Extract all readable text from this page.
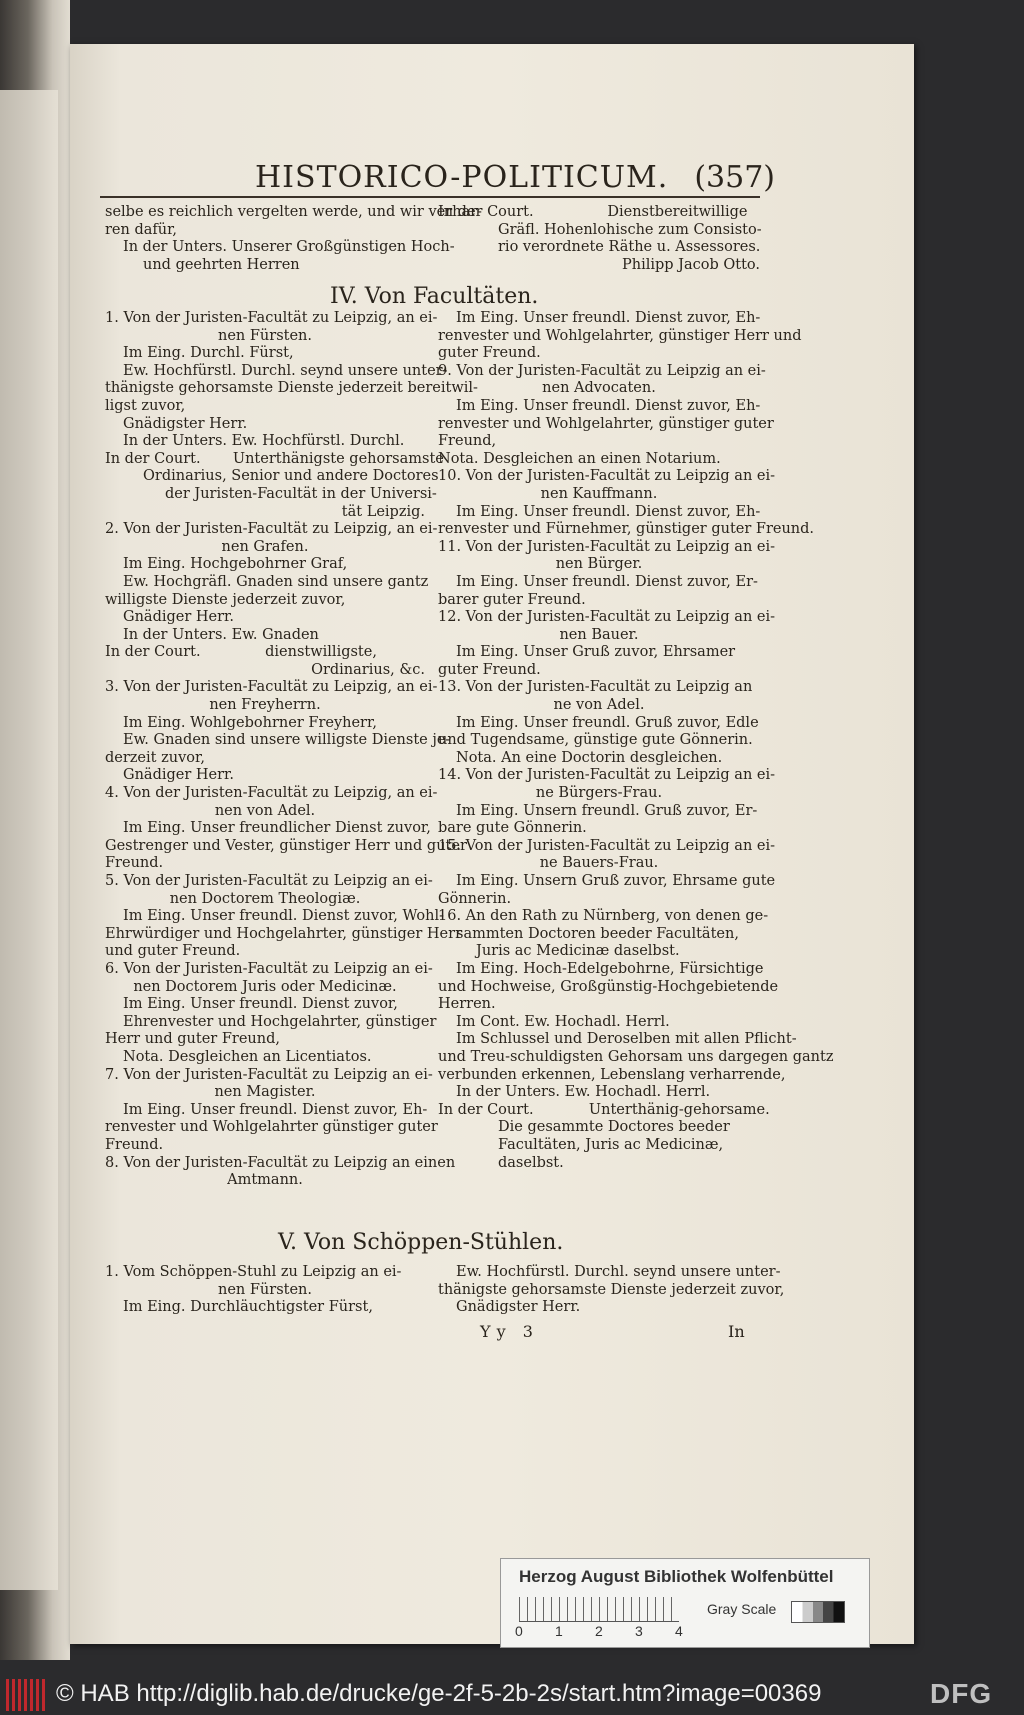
HISTORICO-POLITICUM. (357)
selbe es reichlich vergelten werde, und wir verhar-
ren dafür,
In der Unters. Unserer Großgünstigen Hoch-
und geehrten Herren
In der Court.                Dienstbereitwillige
Gräfl. Hohenlohische zum Consisto-
rio verordnete Räthe u. Assessores.
Philipp Jacob Otto.
IV. Von Facultäten.
1. Von der Juristen-Facultät zu Leipzig, an ei-
nen Fürsten.
Im Eing. Durchl. Fürst,
Ew. Hochfürstl. Durchl. seynd unsere unter-
thänigste gehorsamste Dienste jederzeit bereitwil-
ligst zuvor,
Gnädigster Herr.
In der Unters. Ew. Hochfürstl. Durchl.
In der Court.       Unterthänigste gehorsamste
Ordinarius, Senior und andere Doctores
der Juristen-Facultät in der Universi-
tät Leipzig.
2. Von der Juristen-Facultät zu Leipzig, an ei-
nen Grafen.
Im Eing. Hochgebohrner Graf,
Ew. Hochgräfl. Gnaden sind unsere gantz
willigste Dienste jederzeit zuvor,
Gnädiger Herr.
In der Unters. Ew. Gnaden
In der Court.              dienstwilligste,
Ordinarius, &c.
3. Von der Juristen-Facultät zu Leipzig, an ei-
nen Freyherrn.
Im Eing. Wohlgebohrner Freyherr,
Ew. Gnaden sind unsere willigste Dienste je-
derzeit zuvor,
Gnädiger Herr.
4. Von der Juristen-Facultät zu Leipzig, an ei-
nen von Adel.
Im Eing. Unser freundlicher Dienst zuvor,
Gestrenger und Vester, günstiger Herr und guter
Freund.
5. Von der Juristen-Facultät zu Leipzig an ei-
nen Doctorem Theologiæ.
Im Eing. Unser freundl. Dienst zuvor, Wohl-
Ehrwürdiger und Hochgelahrter, günstiger Herr
und guter Freund.
6. Von der Juristen-Facultät zu Leipzig an ei-
nen Doctorem Juris oder Medicinæ.
Im Eing. Unser freundl. Dienst zuvor,
Ehrenvester und Hochgelahrter, günstiger
Herr und guter Freund,
Nota. Desgleichen an Licentiatos.
7. Von der Juristen-Facultät zu Leipzig an ei-
nen Magister.
Im Eing. Unser freundl. Dienst zuvor, Eh-
renvester und Wohlgelahrter günstiger guter
Freund.
8. Von der Juristen-Facultät zu Leipzig an einen
Amtmann.
Im Eing. Unser freundl. Dienst zuvor, Eh-
renvester und Wohlgelahrter, günstiger Herr und
guter Freund.
9. Von der Juristen-Facultät zu Leipzig an ei-
nen Advocaten.
Im Eing. Unser freundl. Dienst zuvor, Eh-
renvester und Wohlgelahrter, günstiger guter
Freund,
Nota. Desgleichen an einen Notarium.
10. Von der Juristen-Facultät zu Leipzig an ei-
nen Kauffmann.
Im Eing. Unser freundl. Dienst zuvor, Eh-
renvester und Fürnehmer, günstiger guter Freund.
11. Von der Juristen-Facultät zu Leipzig an ei-
nen Bürger.
Im Eing. Unser freundl. Dienst zuvor, Er-
barer guter Freund.
12. Von der Juristen-Facultät zu Leipzig an ei-
nen Bauer.
Im Eing. Unser Gruß zuvor, Ehrsamer
guter Freund.
13. Von der Juristen-Facultät zu Leipzig an
ne von Adel.
Im Eing. Unser freundl. Gruß zuvor, Edle
und Tugendsame, günstige gute Gönnerin.
Nota. An eine Doctorin desgleichen.
14. Von der Juristen-Facultät zu Leipzig an ei-
ne Bürgers-Frau.
Im Eing. Unsern freundl. Gruß zuvor, Er-
bare gute Gönnerin.
15. Von der Juristen-Facultät zu Leipzig an ei-
ne Bauers-Frau.
Im Eing. Unsern Gruß zuvor, Ehrsame gute
Gönnerin.
16. An den Rath zu Nürnberg, von denen ge-
sammten Doctoren beeder Facultäten,
Juris ac Medicinæ daselbst.
Im Eing. Hoch-Edelgebohrne, Fürsichtige
und Hochweise, Großgünstig-Hochgebietende
Herren.
Im Cont. Ew. Hochadl. Herrl.
Im Schlussel und Deroselben mit allen Pflicht-
und Treu-schuldigsten Gehorsam uns dargegen gantz
verbunden erkennen, Lebenslang verharrende,
In der Unters. Ew. Hochadl. Herrl.
In der Court.            Unterthänig-gehorsame.
Die gesammte Doctores beeder
Facultäten, Juris ac Medicinæ,
daselbst.
V. Von Schöppen-Stühlen.
1. Vom Schöppen-Stuhl zu Leipzig an ei-
nen Fürsten.
Im Eing. Durchläuchtigster Fürst,
Ew. Hochfürstl. Durchl. seynd unsere unter-
thänigste gehorsamste Dienste jederzeit zuvor,
Gnädigster Herr.
Yy 3	In
Herzog August Bibliothek Wolfenbüttel
0 1 2 3 4
Gray Scale
© HAB http://diglib.hab.de/drucke/ge-2f-5-2b-2s/start.htm?image=00369	DFG
